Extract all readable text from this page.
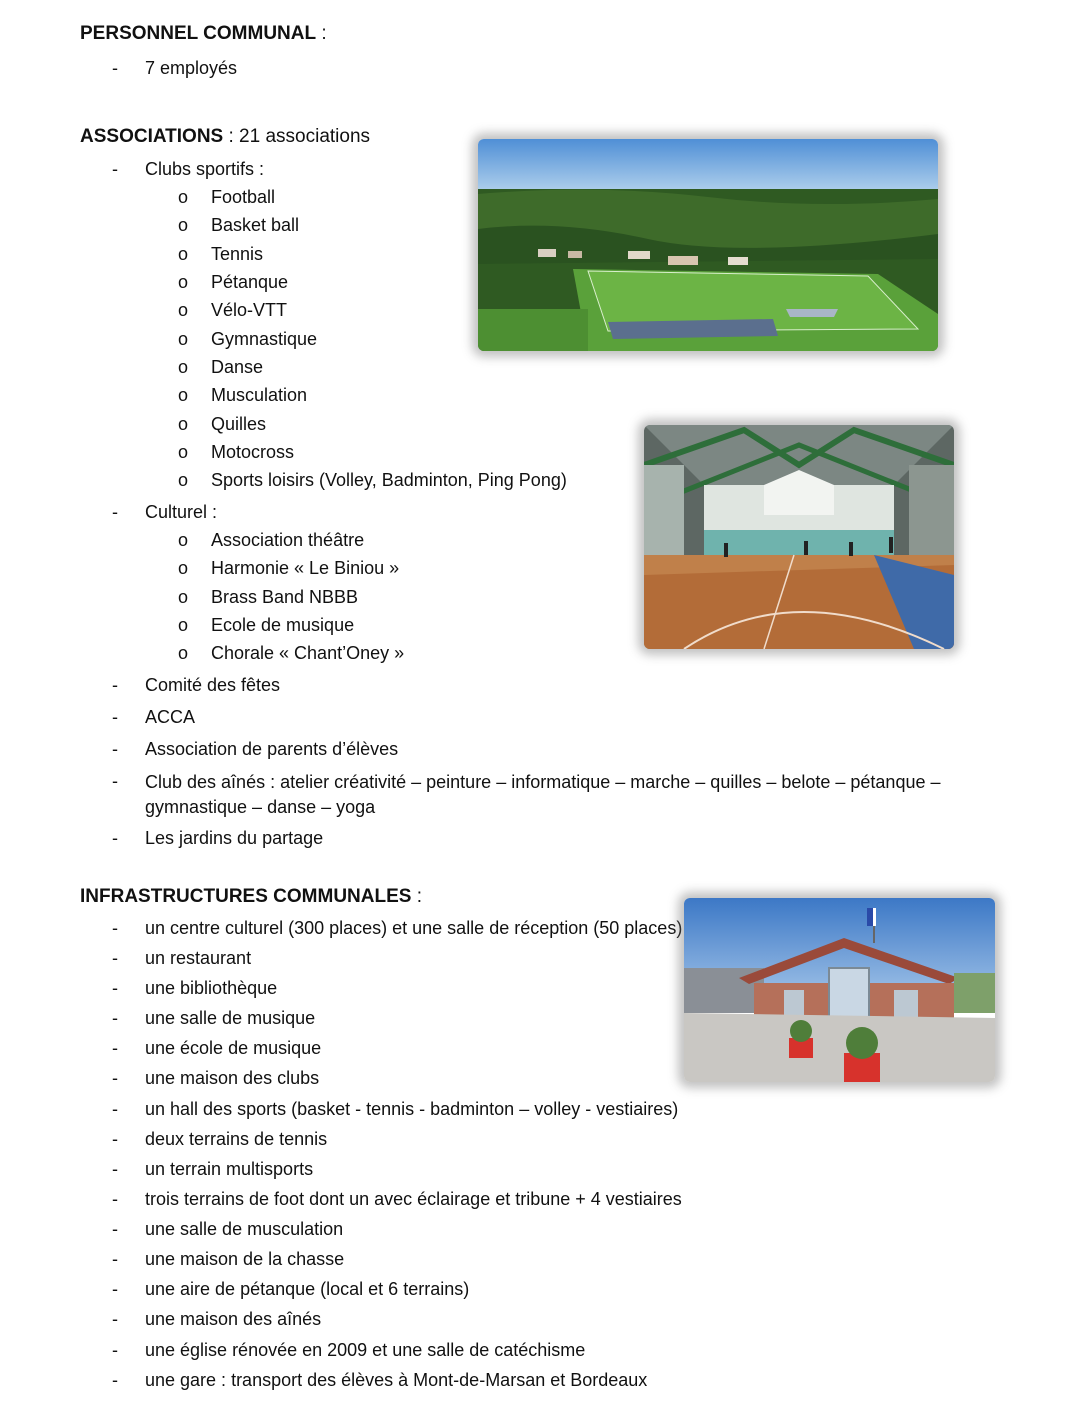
PERSONNEL COMMUNAL :
-	7 employés
ASSOCIATIONS : 21 associations
-	Clubs sportifs :
o Football
o Basket ball
o Tennis
o Pétanque
o Vélo-VTT
o Gymnastique
o Danse
o Musculation
o Quilles
o Motocross
o Sports loisirs (Volley, Badminton, Ping Pong)
-	Culturel :
o Association théâtre
o Harmonie « Le Biniou »
o Brass Band NBBB
o Ecole de musique
o Chorale « Chant’Oney »
-	Comité des fêtes
-	ACCA
-	Association de parents d’élèves
-	Club des aînés : atelier créativité – peinture – informatique – marche – quilles – belote – pétanque – gymnastique – danse – yoga
-	Les jardins du partage
INFRASTRUCTURES COMMUNALES :
-	un centre culturel (300 places) et une salle de réception (50 places)
-	un restaurant
-	une bibliothèque
-	une salle de musique
-	une école de musique
-	une maison des clubs
-	un hall des sports (basket - tennis - badminton – volley - vestiaires)
-	deux terrains de tennis
-	un terrain multisports
-	trois terrains de foot dont un avec éclairage et tribune + 4 vestiaires
-	une salle de musculation
-	une maison de la chasse
-	une aire de pétanque (local et 6 terrains)
-	une maison des aînés
-	une église rénovée en 2009 et une salle de catéchisme
-	une gare : transport des élèves à Mont-de-Marsan et Bordeaux
